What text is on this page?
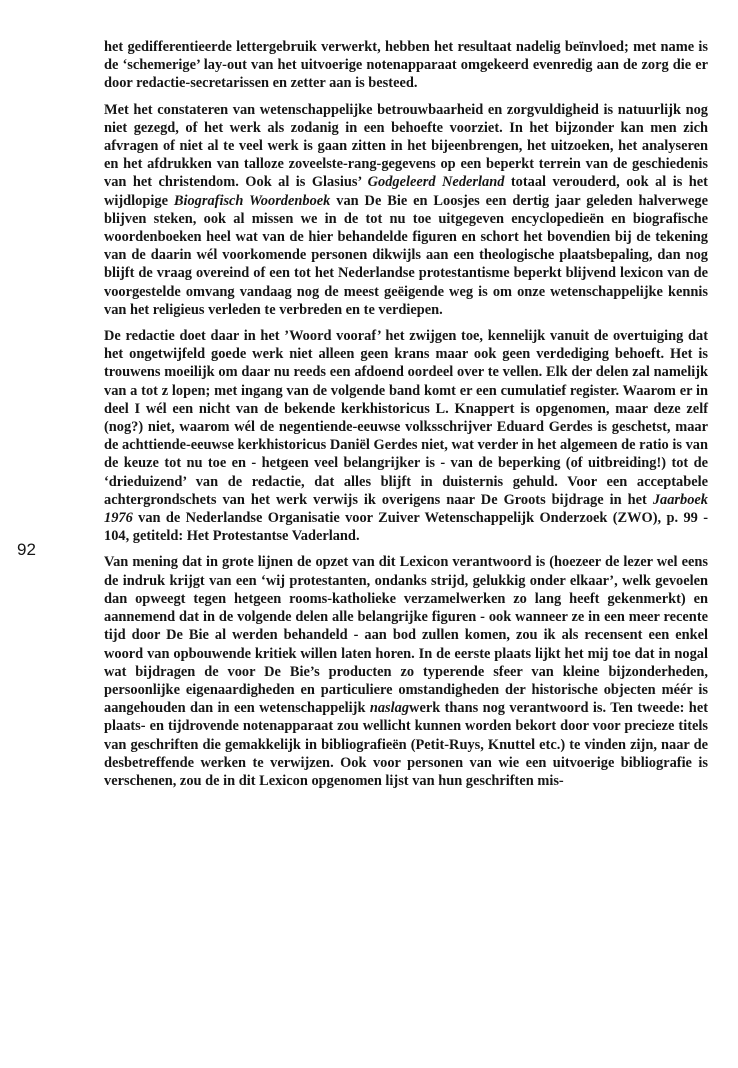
92

het gedifferentieerde lettergebruik verwerkt, hebben het resultaat nadelig beïnvloed; met name is de ‘schemerige’ lay-out van het uitvoerige notenapparaat omgekeerd evenredig aan de zorg die er door redactie-secretarissen en zetter aan is besteed.

Met het constateren van wetenschappelijke betrouwbaarheid en zorgvuldigheid is natuurlijk nog niet gezegd, of het werk als zodanig in een behoefte voorziet. In het bijzonder kan men zich afvragen of niet al te veel werk is gaan zitten in het bijeenbrengen, het uitzoeken, het analyseren en het afdrukken van talloze zoveelste-rang-gegevens op een beperkt terrein van de geschiedenis van het christendom. Ook al is Glasius’ Godgeleerd Nederland totaal verouderd, ook al is het wijdlopige Biografisch Woordenboek van De Bie en Loosjes een dertig jaar geleden halverwege blijven steken, ook al missen we in de tot nu toe uitgegeven encyclopedieën en biografische woordenboeken heel wat van de hier behandelde figuren en schort het bovendien bij de tekening van de daarin wél voorkomende personen dikwijls aan een theologische plaatsbepaling, dan nog blijft de vraag overeind of een tot het Nederlandse protestantisme beperkt blijvend lexicon van de voorgestelde omvang vandaag nog de meest geëigende weg is om onze wetenschappelijke kennis van het religieus verleden te verbreden en te verdiepen.

De redactie doet daar in het ’Woord vooraf’ het zwijgen toe, kennelijk vanuit de overtuiging dat het ongetwijfeld goede werk niet alleen geen krans maar ook geen verdediging behoeft. Het is trouwens moeilijk om daar nu reeds een afdoend oordeel over te vellen. Elk der delen zal namelijk van a tot z lopen; met ingang van de volgende band komt er een cumulatief register. Waarom er in deel I wél een nicht van de bekende kerkhistoricus L. Knappert is opgenomen, maar deze zelf (nog?) niet, waarom wél de negentiende-eeuwse volksschrijver Eduard Gerdes is geschetst, maar de achttiende-eeuwse kerkhistoricus Daniël Gerdes niet, wat verder in het algemeen de ratio is van de keuze tot nu toe en - hetgeen veel belangrijker is - van de beperking (of uitbreiding!) tot de ‘drieduizend’ van de redactie, dat alles blijft in duisternis gehuld. Voor een acceptabele achtergrondschets van het werk verwijs ik overigens naar De Groots bijdrage in het Jaarboek 1976 van de Nederlandse Organisatie voor Zuiver Wetenschappelijk Onderzoek (ZWO), p. 99 - 104, getiteld: Het Protestantse Vaderland.

Van mening dat in grote lijnen de opzet van dit Lexicon verantwoord is (hoezeer de lezer wel eens de indruk krijgt van een ‘wij protestanten, ondanks strijd, gelukkig onder elkaar’, welk gevoelen dan opweegt tegen hetgeen rooms-katholieke verzamelwerken zo lang heeft gekenmerkt) en aannemend dat in de volgende delen alle belangrijke figuren - ook wanneer ze in een meer recente tijd door De Bie al werden behandeld - aan bod zullen komen, zou ik als recensent een enkel woord van opbouwende kritiek willen laten horen. In de eerste plaats lijkt het mij toe dat in nogal wat bijdragen de voor De Bie’s producten zo typerende sfeer van kleine bijzonderheden, persoonlijke eigenaardigheden en particuliere omstandigheden der historische objecten méér is aangehouden dan in een wetenschappelijk naslagwerk thans nog verantwoord is. Ten tweede: het plaats- en tijdrovende notenapparaat zou wellicht kunnen worden bekort door voor precieze titels van geschriften die gemakkelijk in bibliografieën (Petit-Ruys, Knuttel etc.) te vinden zijn, naar de desbetreffende werken te verwijzen. Ook voor personen van wie een uitvoerige bibliografie is verschenen, zou de in dit Lexicon opgenomen lijst van hun geschriften mis-
